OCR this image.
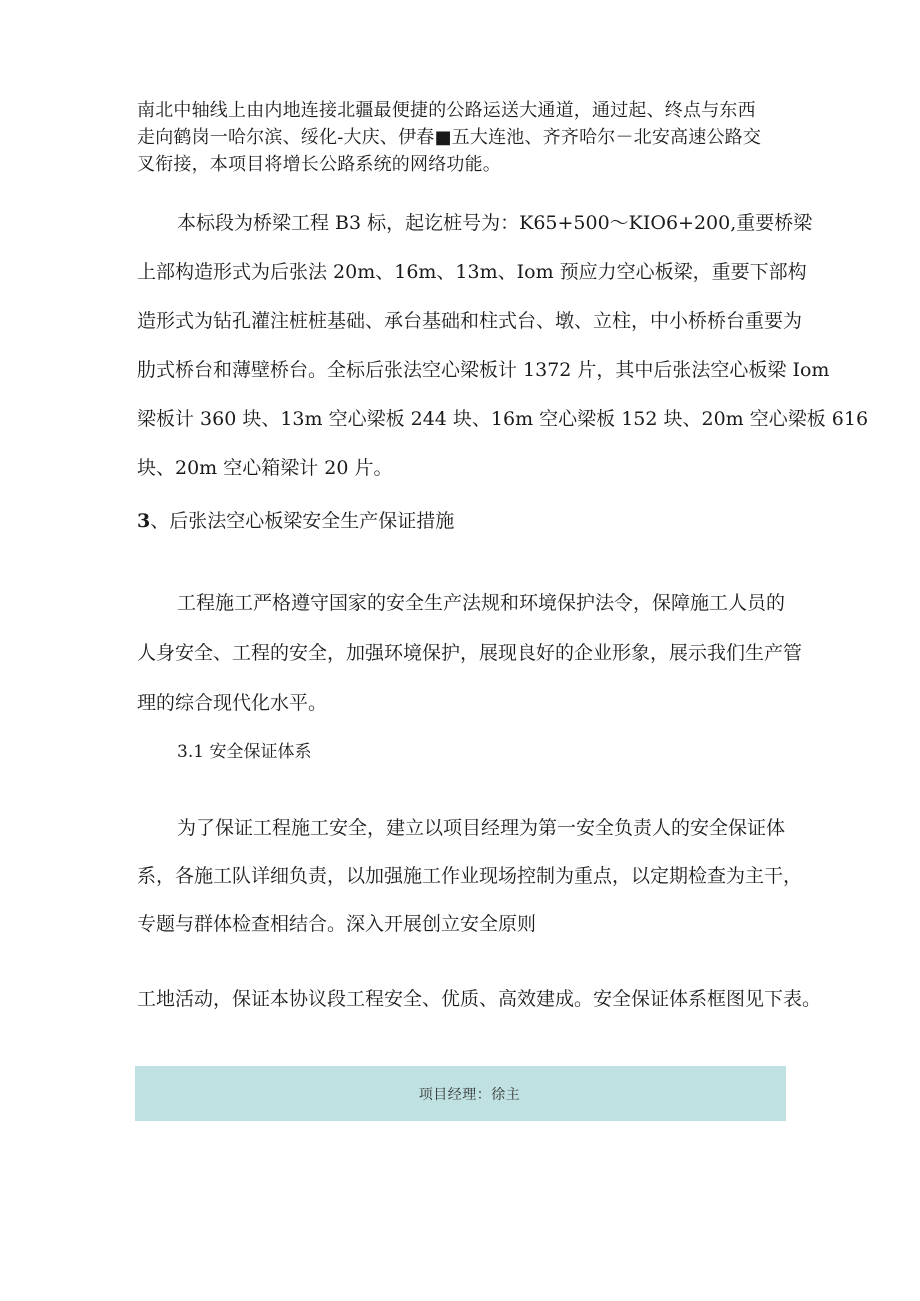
南北中轴线上由内地连接北疆最便捷的公路运送大通道，通过起、终点与东西
走向鹤岗一哈尔滨、绥化-大庆、伊春■五大连池、齐齐哈尔－北安高速公路交
叉衔接，本项目将增长公路系统的网络功能。
本标段为桥梁工程 B3 标，起讫桩号为：K65+500～KIO6+200,重要桥梁
上部构造形式为后张法 20m、16m、13m、Iom 预应力空心板梁，重要下部构
造形式为钻孔灌注桩桩基础、承台基础和柱式台、墩、立柱，中小桥桥台重要为
肋式桥台和薄壁桥台。全标后张法空心梁板计 1372 片，其中后张法空心板梁 Iom
梁板计 360 块、13m 空心梁板 244 块、16m 空心梁板 152 块、20m 空心梁板 616
块、20m 空心箱梁计 20 片。
3、后张法空心板梁安全生产保证措施
工程施工严格遵守国家的安全生产法规和环境保护法令，保障施工人员的
人身安全、工程的安全，加强环境保护，展现良好的企业形象，展示我们生产管
理的综合现代化水平。
3.1 安全保证体系
为了保证工程施工安全，建立以项目经理为第一安全负责人的安全保证体
系，各施工队详细负责，以加强施工作业现场控制为重点，以定期检查为主干，
专题与群体检查相结合。深入开展创立安全原则
工地活动，保证本协议段工程安全、优质、高效建成。安全保证体系框图见下表。
项目经理：徐主
